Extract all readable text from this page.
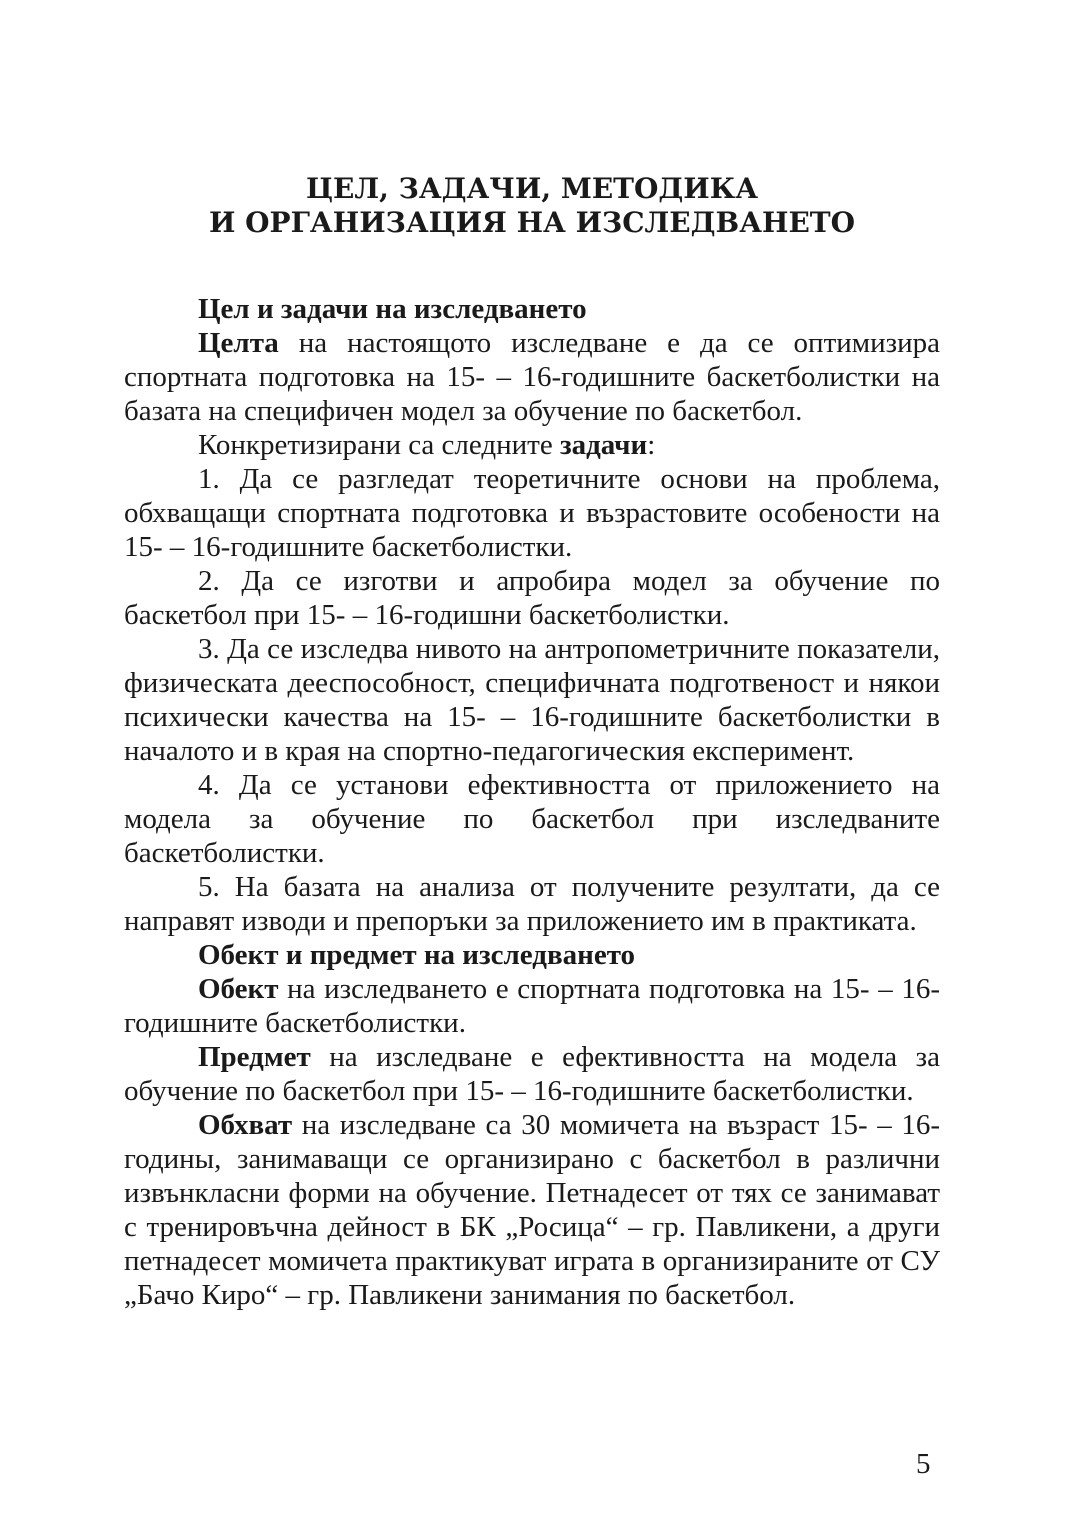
ЦЕЛ, ЗАДАЧИ, МЕТОДИКА
И ОРГАНИЗАЦИЯ НА ИЗСЛЕДВАНЕТО

Цел и задачи на изследването

Целта на настоящото изследване е да се оптимизира спортната подготовка на 15- – 16-годишните баскетболистки на базата на специфичен модел за обучение по баскетбол.

Конкретизирани са следните задачи:

1. Да се разгледат теоретичните основи на проблема, обхващащи спортната подготовка и възрастовите особености на 15- – 16-годишните баскетболистки.

2. Да се изготви и апробира модел за обучение по баскетбол при 15- – 16-годишни баскетболистки.

3. Да се изследва нивото на антропометричните показатели, физическата дееспособност, специфичната подготвеност и някои психически качества на 15- – 16-годишните баскетболистки в началото и в края на спортно-педагогическия експеримент.

4. Да се установи ефективността от приложението на модела за обучение по баскетбол при изследваните баскетболистки.

5. На базата на анализа от получените резултати, да се направят изводи и препоръки за приложението им в практиката.

Обект и предмет на изследването

Обект на изследването е спортната подготовка на 15- – 16-годишните баскетболистки.

Предмет на изследване е ефективността на модела за обучение по баскетбол при 15- – 16-годишните баскетболистки.

Обхват на изследване са 30 момичета на възраст 15- – 16-годины, занимаващи се организирано с баскетбол в различни извънкласни форми на обучение. Петнадесет от тях се занимават с тренировъчна дейност в БК „Росица“ – гр. Павликени, а други петнадесет момичета практикуват играта в организираните от СУ „Бачо Киро“ – гр. Павликени занимания по баскетбол.

5
